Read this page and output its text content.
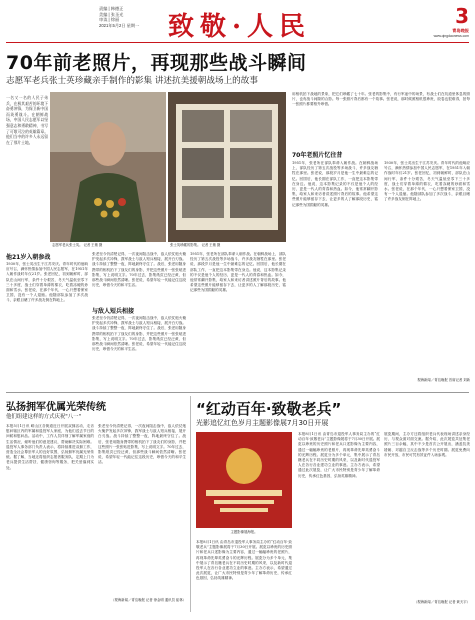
责编 | 韩德正
美编 | 张圣光
审读 | 徐丽
2021年5月2日 星期一	致敬·人民	3
青岛晚报
www.qingdaonews.com
70年前老照片，再现那些战斗瞬间
志愿军老兵张士英珍藏亲手制作的影集 讲述抗美援朝战场上的故事
一名又一名的人民子弟兵，在极其艰苦的环境下奋勇冲锋，为保卫新中国而英勇战斗。在朝鲜战场，中国人民志愿军以坚强意志和勇敢精神，书写了可歌可泣的英雄篇章。他们当中的许多人永远留在了那片土地。
志愿军老兵张士英。 记者 王敏 摄	张士英珍藏的影集。 记者 王敏 摄
他21岁入朝参战
1930年，张士英出生于江苏安庆。青年时代的他响应号召，满怀热情参加中国人民志愿军，在1951年入朝作战时年仅21岁。张老回忆，初到朝鲜时，部队在山间行军，条件十分艰苦，冬天气温低至零下三十多度，战士们穿着单薄的棉衣，吃着冻硬的炒面和雪水。张老说，在那个年代，一心只想着保家卫国，没有一个人退缩。他随部队参加了多次战斗，亲眼目睹了许多战友倒在阵地上。
张老至今仍清楚记得，一次夜间阻击战中，敌人依仗炮火掩护发起多次冲锋，我军战士与敌人短兵相接，展开白刃战。战斗持续了整整一夜，阵地最终守住了。战后，张老用随身携带的相机拍下了战友们的身影，并把这些照片一张张贴进影集，写上说明文字。70年过去，影集纸页已经泛黄，但那些战斗瞬间依然清晰。张老说，希望年轻一代能记住这段历史，珍惜今天的和平生活。
与敌人短兵相接
张老至今仍清楚记得，一次夜间阻击战中，敌人依仗炮火掩护发起多次冲锋，我军战士与敌人短兵相接，展开白刃战。战斗持续了整整一夜，阵地最终守住了。战后，张老用随身携带的相机拍下了战友们的身影，并把这些照片一张张贴进影集，写上说明文字。70年过去，影集纸页已经泛黄，但那些战斗瞬间依然清晰。张老说，希望年轻一代能记住这段历史，珍惜今天的和平生活。
1951年，张老所在部队奉命入朝作战。在朝鲜战场上，部队经历了第五次战役等多场战斗，许多战友牺牲在那里。张老说，那段岁月是他一生中最难忘的记忆。回国后，他长期在部队工作，一直把这本影集带在身边。他说，这本影集记录的不仅是他个人的经历，更是一代人的青春和热血。如今，他常常翻开影集，给家人和来访者讲述照片背后的故事。他希望这些照片能够留存下去，让更多的人了解那段历史，铭记那些为国捐躯的英雄。
用相机拍下战地的景象，把它们珍藏了七十年。张老的影集中，有行军途中的场景，有战士们在坑道里休息的照片，也有战斗间隙的合影。每一张照片背后都有一个故事。张老说，那时候照相机很珍贵，胶卷也很难得，拍每一张照片都要格外珍惜。
70年老照片忆往昔
1951年，张老所在部队奉命入朝作战。在朝鲜战场上，部队经历了第五次战役等多场战斗，许多战友牺牲在那里。张老说，那段岁月是他一生中最难忘的记忆。回国后，他长期在部队工作，一直把这本影集带在身边。他说，这本影集记录的不仅是他个人的经历，更是一代人的青春和热血。如今，他常常翻开影集，给家人和来访者讲述照片背后的故事。他希望这些照片能够留存下去，让更多的人了解那段历史，铭记那些为国捐躯的英雄。
1930年，张士英出生于江苏安庆。青年时代的他响应号召，满怀热情参加中国人民志愿军，在1951年入朝作战时年仅21岁。张老回忆，初到朝鲜时，部队在山间行军，条件十分艰苦，冬天气温低至零下三十多度，战士们穿着单薄的棉衣，吃着冻硬的炒面和雪水。张老说，在那个年代，一心只想着保家卫国，没有一个人退缩。他随部队参加了多次战斗，亲眼目睹了许多战友倒在阵地上。
观海新闻／青岛晚报 首席记者 刘新
弘扬拥军优属光荣传统
他们组建这样的方式庆祝"八一"
本报5月1日讯 崂山区各街道近日开展双拥活动，走访慰问辖区内的军属和退役军人家庭，为他们送去节日的问候和慰问品。活动中，工作人员详细了解军属家庭的生活情况，倾听他们的意见建议，帮助解决实际困难。退役军人事务部门负责人表示，将持续推进双拥工作，营造全社会尊崇军人的良好氛围，弘扬拥军优属光荣传统。据了解，当地还将组织志愿者服务队，定期上门为老兵提供生活帮扶、健康咨询等服务，把关爱落到实处。
张老至今仍清楚记得，一次夜间阻击战中，敌人依仗炮火掩护发起多次冲锋，我军战士与敌人短兵相接，展开白刃战。战斗持续了整整一夜，阵地最终守住了。战后，张老用随身携带的相机拍下了战友们的身影，并把这些照片一张张贴进影集，写上说明文字。70年过去，影集纸页已经泛黄，但那些战斗瞬间依然清晰。张老说，希望年轻一代能记住这段历史，珍惜今天的和平生活。
（观海新闻／青岛晚报 记者 徐金明 通讯员 崔林）
“红动百年·致敬老兵”
光影追忆红色岁月主题影像展7月30日开展
主题影像展海报。
本报8月1日讯 由青岛市退役军人事务局主办的“红动百年·致敬老兵”主题影像展将于7月30日开展。展览以珍贵的历史照片和老兵口述影像为主要内容，通过一幅幅珍贵的老照片，再现革命先辈英勇奋斗的光辉历程。展览分为多个单元，集中展示了青岛籍老兵在不同历史时期的风采，以及新时代退役军人在各行各业建功立业的事迹。主办方表示，希望通过此次展览，让广大市民特别是青少年了解革命历史，传承红色基因，弘扬英雄精神。
本报8月1日讯 由青岛市退役军人事务局主办的“红动百年·致敬老兵”主题影像展将于7月30日开展。展览以珍贵的历史照片和老兵口述影像为主要内容，通过一幅幅珍贵的老照片，再现革命先辈英勇奋斗的光辉历程。展览分为多个单元，集中展示了青岛籍老兵在不同历史时期的风采，以及新时代退役军人在各行各业建功立业的事迹。主办方表示，希望通过此次展览，让广大市民特别是青少年了解革命历史，传承红色基因，弘扬英雄精神。
展览期间，主办方还将组织老兵代表现场讲述亲身经历，与观众面对面交流。据介绍，此次展览共征集老照片三百余幅，其中不少是首次公开展出，涵盖抗美援朝、对越自卫反击战等多个历史时期。展览免费向市民开放，市民可凭有效证件入场参观。
（观海新闻／青岛晚报 记者 黄天宇）
